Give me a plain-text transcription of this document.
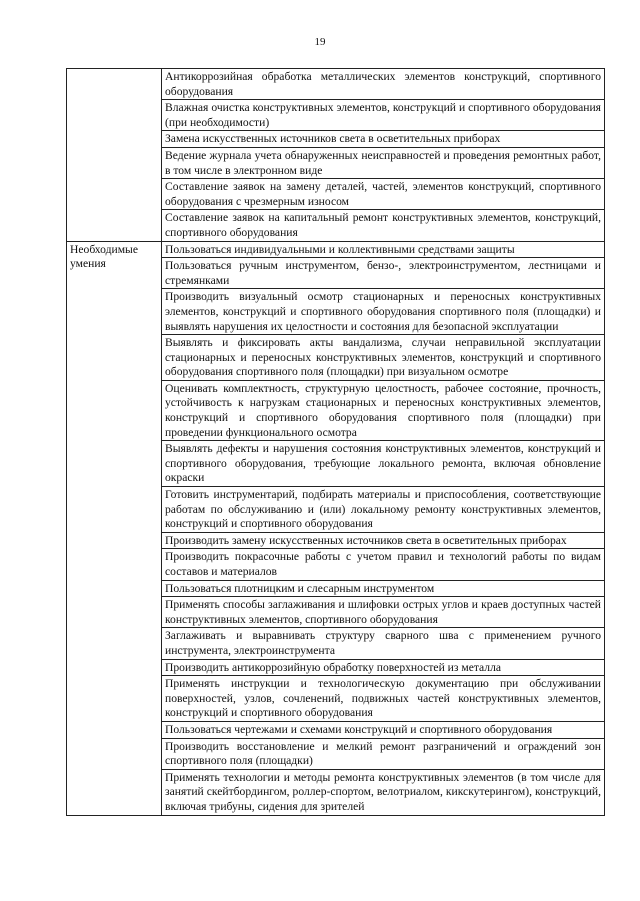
19
	Антикоррозийная обработка металлических элементов конструкций, спортивного оборудования
	Влажная очистка конструктивных элементов, конструкций и спортивного оборудования (при необходимости)
	Замена искусственных источников света в осветительных приборах
	Ведение журнала учета обнаруженных неисправностей и проведения ремонтных работ, в том числе в электронном виде
	Составление заявок на замену деталей, частей, элементов конструкций, спортивного оборудования с чрезмерным износом
	Составление заявок на капитальный ремонт конструктивных элементов, конструкций, спортивного оборудования
Необходимые умения	Пользоваться индивидуальными и коллективными средствами защиты
	Пользоваться ручным инструментом, бензо-, электроинструментом, лестницами и стремянками
	Производить визуальный осмотр стационарных и переносных конструктивных элементов, конструкций и спортивного оборудования спортивного поля (площадки) и выявлять нарушения их целостности и состояния для безопасной эксплуатации
	Выявлять и фиксировать акты вандализма, случаи неправильной эксплуатации стационарных и переносных конструктивных элементов, конструкций и спортивного оборудования спортивного поля (площадки) при визуальном осмотре
	Оценивать комплектность, структурную целостность, рабочее состояние, прочность, устойчивость к нагрузкам стационарных и переносных конструктивных элементов, конструкций и спортивного оборудования спортивного поля (площадки) при проведении функционального осмотра
	Выявлять дефекты и нарушения состояния конструктивных элементов, конструкций и спортивного оборудования, требующие локального ремонта, включая обновление окраски
	Готовить инструментарий, подбирать материалы и приспособления, соответствующие работам по обслуживанию и (или) локальному ремонту конструктивных элементов, конструкций и спортивного оборудования
	Производить замену искусственных источников света в осветительных приборах
	Производить покрасочные работы с учетом правил и технологий работы по видам составов и материалов
	Пользоваться плотницким и слесарным инструментом
	Применять способы заглаживания и шлифовки острых углов и краев доступных частей конструктивных элементов, спортивного оборудования
	Заглаживать и выравнивать структуру сварного шва с применением ручного инструмента, электроинструмента
	Производить антикоррозийную обработку поверхностей из металла
	Применять инструкции и технологическую документацию при обслуживании поверхностей, узлов, сочленений, подвижных частей конструктивных элементов, конструкций и спортивного оборудования
	Пользоваться чертежами и схемами конструкций и спортивного оборудования
	Производить восстановление и мелкий ремонт разграничений и ограждений зон спортивного поля (площадки)
	Применять технологии и методы ремонта конструктивных элементов (в том числе для занятий скейтбордингом, роллер-спортом, велотриалом, кикскутерингом), конструкций, включая трибуны, сидения для зрителей
